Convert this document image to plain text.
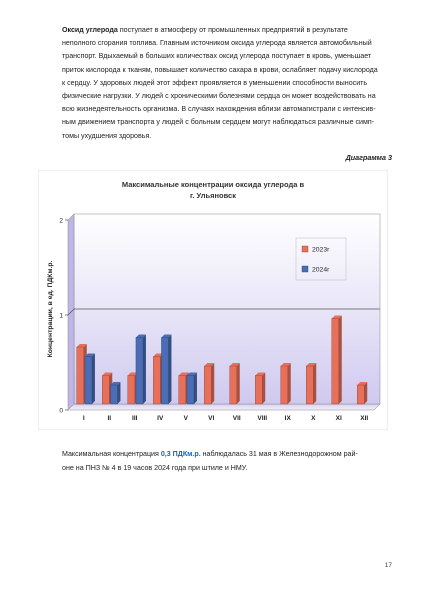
Оксид углерода поступает в атмосферу от промышленных предприятий в результате
неполного сгорания топлива. Главным источником оксида углерода является автомобильный
транспорт. Вдыхаемый в больших количествах оксид углерода поступает в кровь, уменьшает
приток кислорода к тканям, повышает количество сахара в крови, ослабляет подачу кислорода
к сердцу. У здоровых людей этот эффект проявляется в уменьшении способности выносить
физические нагрузки. У людей с хроническими болезнями сердца он может воздействовать на
всю жизнедеятельность организма. В случаях нахождения вблизи автомагистрали с интенсив-
ным движением транспорта у людей с больным сердцем могут наблюдаться различные симп-
томы ухудшения здоровья.
Диаграмма 3
Максимальные концентрации оксида углерода в
г. Ульяновск
0
1
2
I	II	III	IV	V	VI	VII	VIII	IX	X	XI	XII
Концентрации, в ед. ПДКм.р.
2023г
2024г
Максимальная концентрация 0,3 ПДКм.р. наблюдалась 31 мая в Железнодорожном рай-
оне на ПНЗ № 4 в 19 часов 2024 года при штиле и НМУ.
17
